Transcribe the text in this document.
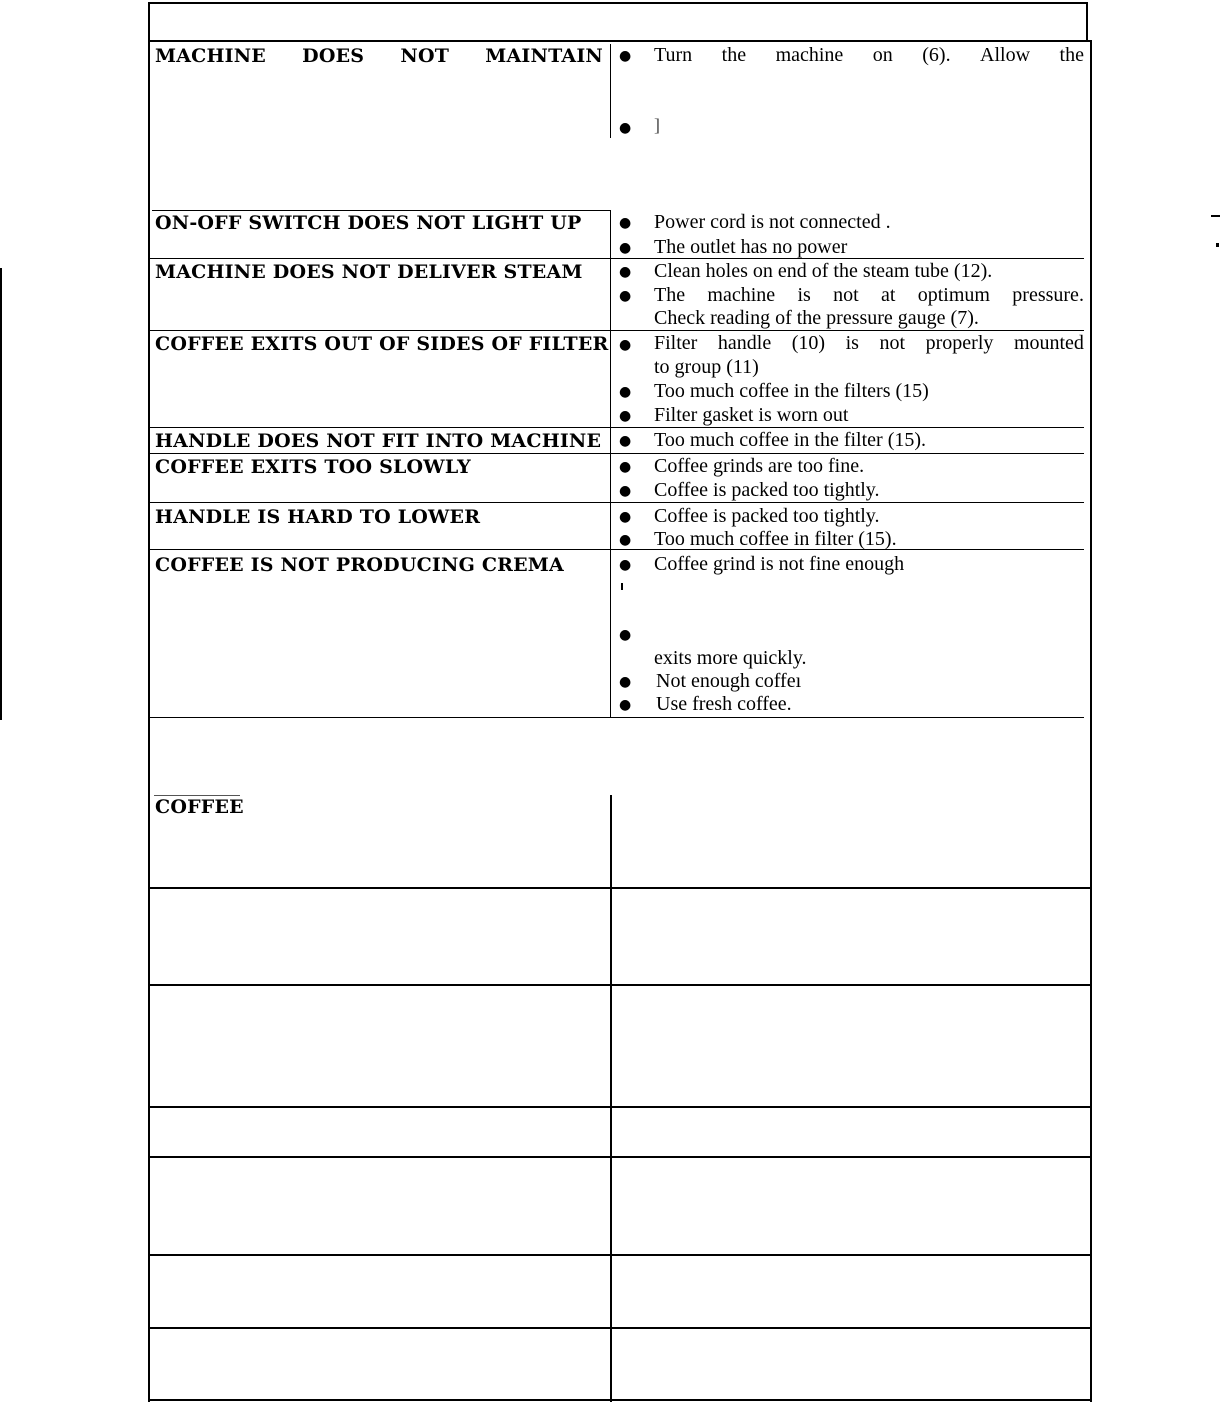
MACHINE DOES NOT MAINTAIN ● Turn the machine on (6). Allow the
● ]
ON-OFF SWITCH DOES NOT LIGHT UP	● Power cord is not connected .
● The outlet has no power
MACHINE DOES NOT DELIVER STEAM	● Clean holes on end of the steam tube (12).
● The machine is not at optimum pressure.
Check reading of the pressure gauge (7).
COFFEE EXITS OUT OF SIDES OF FILTER ● Filter handle (10) is not properly mounted
to group (11)
● Too much coffee in the filters (15)
● Filter gasket is worn out
HANDLE DOES NOT FIT INTO MACHINE ● Too much coffee in the filter (15).
COFFEE EXITS TOO SLOWLY	● Coffee grinds are too fine.
● Coffee is packed too tightly.
HANDLE IS HARD TO LOWER	● Coffee is packed too tightly.
● Too much coffee in filter (15).
COFFEE IS NOT PRODUCING CREMA	● Coffee grind is not fine enough
●
exits more quickly.
● Not enough coffeı
● Use fresh coffee.
COFFEE
